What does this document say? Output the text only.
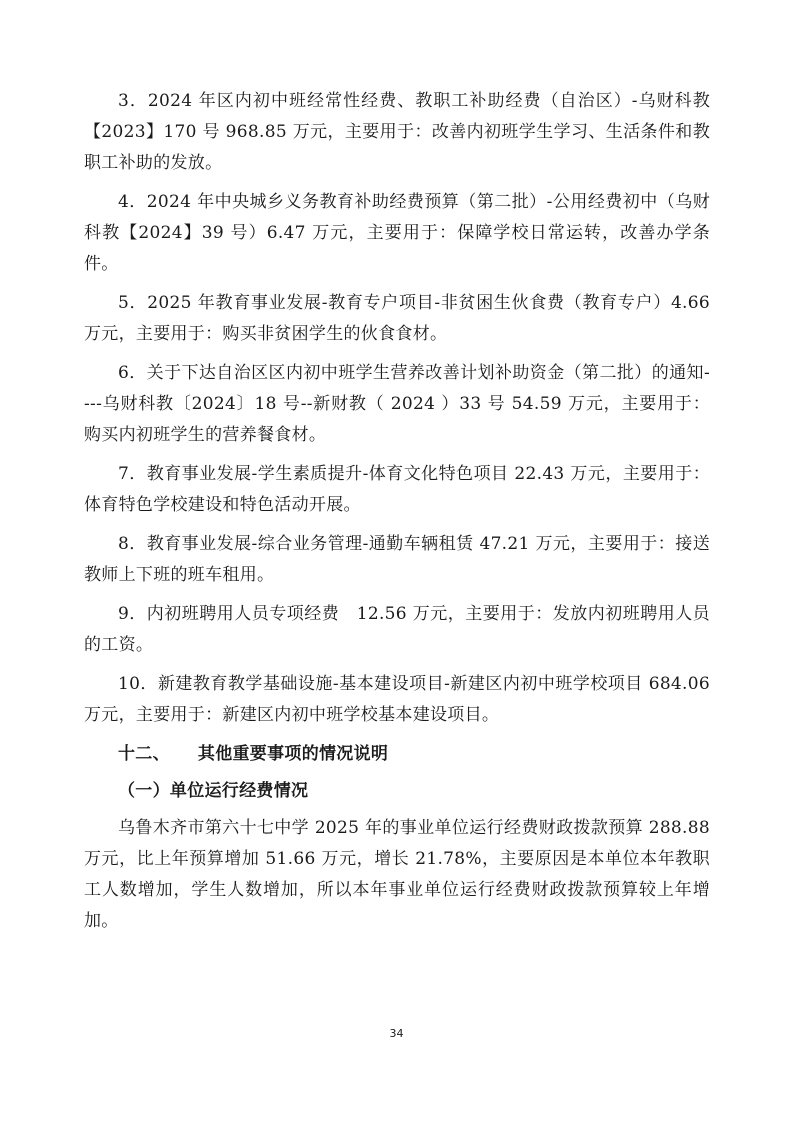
3．2024 年区内初中班经常性经费、教职工补助经费（自治区）-乌财科教【2023】170 号 968.85 万元，主要用于：改善内初班学生学习、生活条件和教职工补助的发放。

4．2024 年中央城乡义务教育补助经费预算（第二批）-公用经费初中（乌财科教【2024】39 号）6.47 万元，主要用于：保障学校日常运转，改善办学条件。

5．2025 年教育事业发展-教育专户项目-非贫困生伙食费（教育专户）4.66 万元，主要用于：购买非贫困学生的伙食食材。

6．关于下达自治区区内初中班学生营养改善计划补助资金（第二批）的通知----乌财科教〔2024〕18 号--新财教（ 2024 ）33 号 54.59 万元，主要用于：购买内初班学生的营养餐食材。

7．教育事业发展-学生素质提升-体育文化特色项目 22.43 万元，主要用于：体育特色学校建设和特色活动开展。

8．教育事业发展-综合业务管理-通勤车辆租赁 47.21 万元，主要用于：接送教师上下班的班车租用。

9．内初班聘用人员专项经费　12.56 万元，主要用于：发放内初班聘用人员的工资。

10．新建教育教学基础设施-基本建设项目-新建区内初中班学校项目 684.06 万元，主要用于：新建区内初中班学校基本建设项目。

十二、 其他重要事项的情况说明
（一）单位运行经费情况

乌鲁木齐市第六十七中学 2025 年的事业单位运行经费财政拨款预算 288.88 万元，比上年预算增加 51.66 万元，增长 21.78%，主要原因是本单位本年教职工人数增加，学生人数增加，所以本年事业单位运行经费财政拨款预算较上年增加。

34
